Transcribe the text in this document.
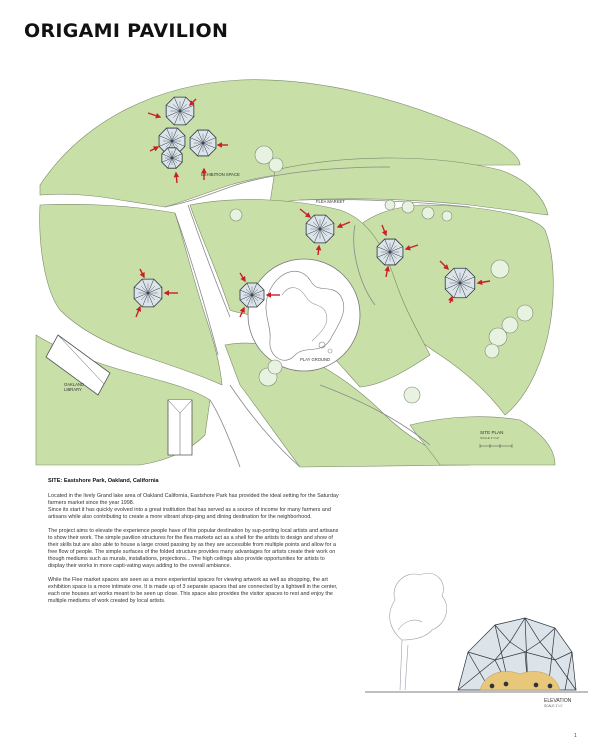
ORIGAMI PAVILION
EXHIBITION SPACE
FLEA MARKET
PLAY GROUND
OAKLAND LIBRARY
SITE PLAN
SCALE 1"=10'
SITE: Eastshore Park, Oakland, California

Located in the lively Grand lake area of Oakland California, Eastshore Park has provided the ideal setting for the Saturday farmers market since the year 1998.
Since its start it has quickly evolved into a great institution that has served as a source of income for many farmers and artisans while also contributing to create a more vibrant shop-ping and dining destination for the neighborhood.

The project aims to elevate the experience people have of this popular destination by sup-porting local artists and artisans to show their work. The simple pavilion structures for the flea markets act as a shell for the artists to design and show of their skills but are also able to house a large crowd passing by as they are accessible from multiple points and allow for a free flow of people. The simple surfaces of the folded structure provides many advantages for artists create their work on though mediums such as murals, installations, projections... The high ceilings also provide opportunities for artists to display their works in more capti-vating ways adding to the overall ambiance.

While the Flee market spaces are seen as a more experiential spaces for viewing artwork as well as shopping, the art exhibition space is a more intimate one. It is made up of 3 separate spaces that are connected by a lightwell in the center, each one houses art works meant to be seen up close. This space also provides the visitor spaces to rest and enjoy the multiple mediums of work created by local artists.

ELEVATION
SCALE 1"=1'
1
